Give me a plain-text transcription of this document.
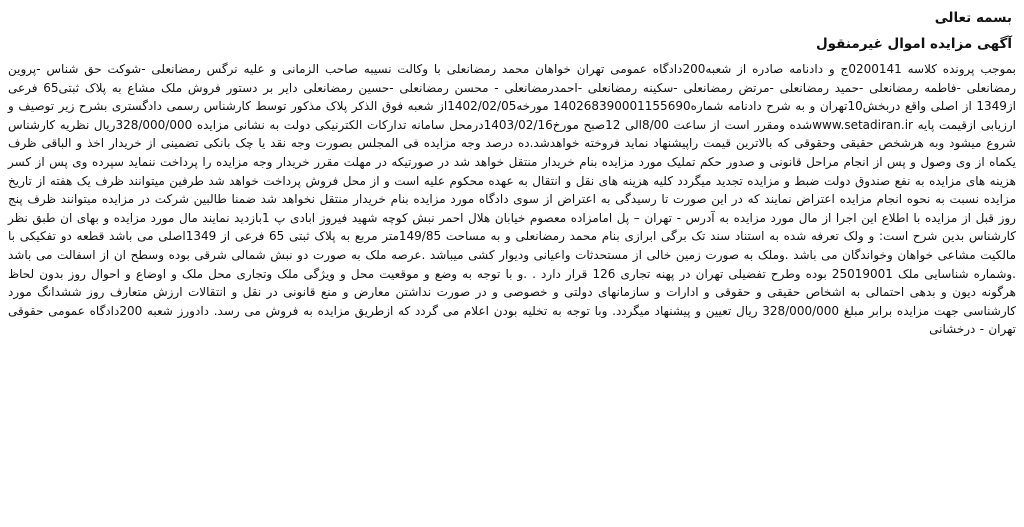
بسمه تعالی
آگهی مزایده اموال غیرمنقول

بموجب پرونده کلاسه 0200141ج و دادنامه صادره از شعبه200دادگاه عمومی تهران خواهان محمد رمضانعلی با وکالت نسیبه صاحب الزمانی و علیه نرگس رمضانعلی -شوکت حق شناس -پروین رمضانعلی -فاطمه رمضانعلی -حمید رمضانعلی -مرتض رمضانعلی -سکینه رمضانعلی -احمدرمضانعلی - محسن رمضانعلی -حسین رمضانعلی دایر بر دستور فروش ملک مشاع به پلاک ثبتی65 فرعی از1349 از اصلی واقع دربخش10تهران و به شرح دادنامه شماره140268390001155690 مورخه1402/02/05از شعبه فوق الذکر پلاک مذکور توسط کارشناس رسمی دادگستری بشرح زیر توصیف و ارزیابی ازقیمت پایه www.setadiran.irشده ومقرر است از ساعت 8/00الی 12صبح مورخ1403/02/16درمحل سامانه تدارکات الکترنیکی دولت به نشانی مزایده 328/000/000ریال نظریه کارشناس شروع میشود وبه هرشخص حقیقی وحقوقی که بالاترین قیمت راپیشنهاد نماید فروخته خواهدشد.ده درصد وجه مزایده فی المجلس بصورت وجه نقد یا چک بانکی تضمینی از خریدار اخذ و الباقی ظرف یکماه از وی وصول و پس از انجام مراحل قانونی و صدور حکم تملیک مورد مزایده بنام خریدار منتقل خواهد شد در صورتیکه در مهلت مقرر خریدار وجه مزایده را پرداخت ننماید سپرده وی پس از کسر هزینه های مزایده به نفع صندوق دولت ضبط و مزایده تجدید میگردد کلیه هزینه های نقل و انتقال به عهده محکوم علیه است و از محل فروش پرداخت خواهد شد طرفین میتوانند ظرف یک هفته از تاریخ مزایده نسبت به نحوه انجام مزایده اعتراض نمایند که در این صورت تا رسیدگی به اعتراض از سوی دادگاه مورد مزایده بنام خریدار منتقل نخواهد شد ضمنا طالبین شرکت در مزایده میتوانند ظرف پنج روز قبل از مزایده با اطلاع این اجرا از مال مورد مزایده به آدرس - تهران – پل امامزاده معصوم خیابان هلال احمر نبش کوچه شهید فیروز ابادی پ 1بازدید نمایند مال مورد مزایده و بهای ان طبق نظر کارشناس بدین شرح است: و ولک تعرفه شده به استناد سند تک برگی ابرازی بنام محمد رمضانعلی و به مساحت 149/85متر مربع به پلاک ثبتی 65 فرعی از 1349اصلی می باشد قطعه دو تفکیکی با مالکیت مشاعی خواهان وخواندگان می باشد .وملک به صورت زمین خالی از مستحدثات واعیانی ودیوار کشی میباشد .عرصه ملک به صورت دو نبش شمالی شرقی بوده وسطح ان از اسفالت می باشد .وشماره شناسایی ملک 25019001 بوده وطرح تفضیلی تهران در پهنه تجاری 126 قرار دارد . .و با توجه به وضع و موقعیت محل و ویژگی ملک وتجاری محل ملک و اوضاع و احوال روز بدون لحاظ هرگونه دیون و بدهی احتمالی به اشخاص حقیقی و حقوقی و ادارات و سازمانهای دولتی و خصوصی و در صورت نداشتن معارض و منع قانونی در نقل و انتقالات ارزش متعارف روز ششدانگ مورد کارشناسی جهت مزایده برابر مبلغ 328/000/000 ریال تعیین و پیشنهاد میگردد. وبا توجه به تخلیه بودن اعلام می گردد که ازطریق مزایده به فروش می رسد. دادورز شعبه 200دادگاه عمومی حقوقی تهران - درخشانی
